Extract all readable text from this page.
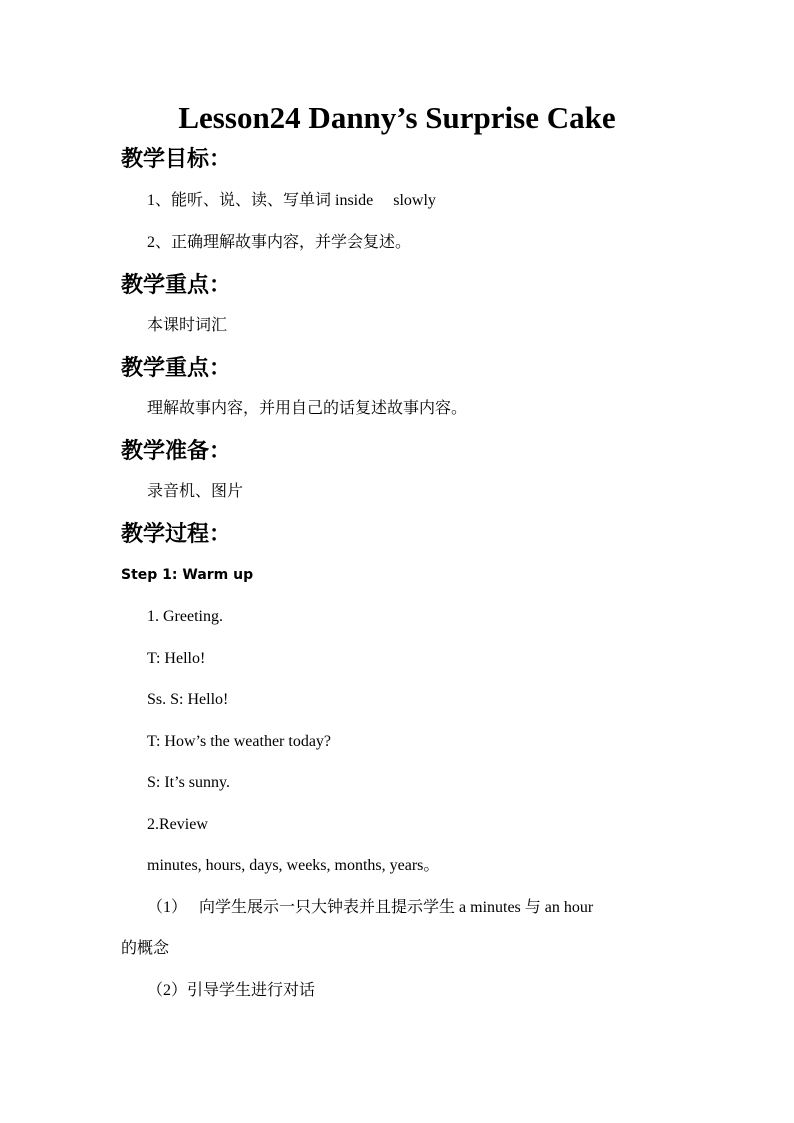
Lesson24 Danny’s Surprise Cake
教学目标：
1、能听、说、读、写单词 inside slowly
2、正确理解故事内容，并学会复述。
教学重点：
本课时词汇
教学重点：
理解故事内容，并用自己的话复述故事内容。
教学准备：
录音机、图片
教学过程：
Step 1: Warm up
1. Greeting.
T: Hello!
Ss. S: Hello!
T: How’s the weather today?
S: It’s sunny.
2.Review
minutes, hours, days, weeks, months, years。
（1） 向学生展示一只大钟表并且提示学生 a minutes 与 an hour
的概念
（2）引导学生进行对话
